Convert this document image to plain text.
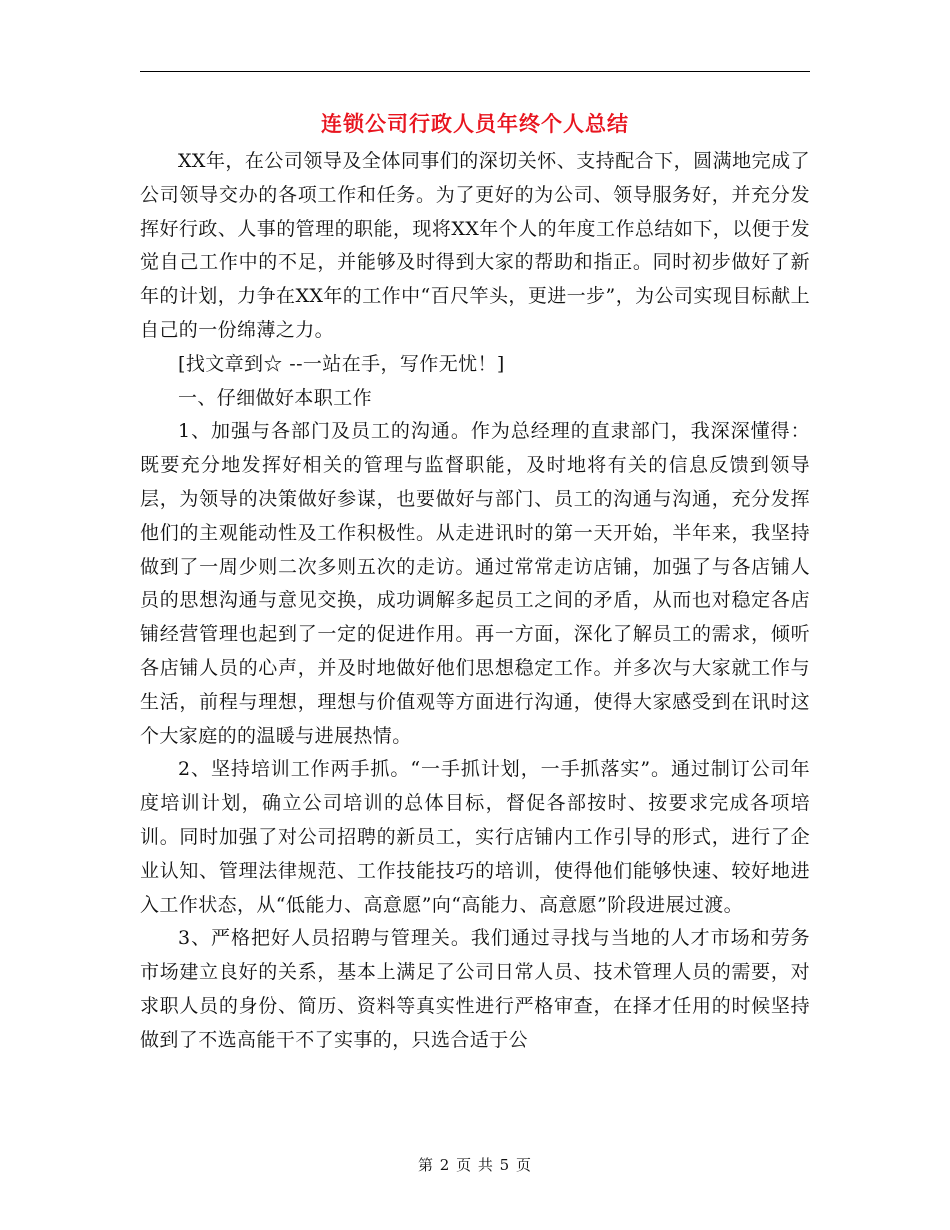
连锁公司行政人员年终个人总结

XX年，在公司领导及全体同事们的深切关怀、支持配合下，圆满地完成了公司领导交办的各项工作和任务。为了更好的为公司、领导服务好，并充分发挥好行政、人事的管理的职能，现将XX年个人的年度工作总结如下，以便于发觉自己工作中的不足，并能够及时得到大家的帮助和指正。同时初步做好了新年的计划，力争在XX年的工作中“百尺竿头，更进一步”，为公司实现目标献上自己的一份绵薄之力。

[找文章到☆ --一站在手，写作无忧！]

一、仔细做好本职工作

1、加强与各部门及员工的沟通。作为总经理的直隶部门，我深深懂得：既要充分地发挥好相关的管理与监督职能，及时地将有关的信息反馈到领导层，为领导的决策做好参谋，也要做好与部门、员工的沟通与沟通，充分发挥他们的主观能动性及工作积极性。从走进讯时的第一天开始，半年来，我坚持做到了一周少则二次多则五次的走访。通过常常走访店铺，加强了与各店铺人员的思想沟通与意见交换，成功调解多起员工之间的矛盾，从而也对稳定各店铺经营管理也起到了一定的促进作用。再一方面，深化了解员工的需求，倾听各店铺人员的心声，并及时地做好他们思想稳定工作。并多次与大家就工作与生活，前程与理想，理想与价值观等方面进行沟通，使得大家感受到在讯时这个大家庭的的温暖与进展热情。

2、坚持培训工作两手抓。“一手抓计划，一手抓落实”。通过制订公司年度培训计划，确立公司培训的总体目标，督促各部按时、按要求完成各项培训。同时加强了对公司招聘的新员工，实行店铺内工作引导的形式，进行了企业认知、管理法律规范、工作技能技巧的培训，使得他们能够快速、较好地进入工作状态，从“低能力、高意愿”向“高能力、高意愿”阶段进展过渡。

3、严格把好人员招聘与管理关。我们通过寻找与当地的人才市场和劳务市场建立良好的关系，基本上满足了公司日常人员、技术管理人员的需要，对求职人员的身份、简历、资料等真实性进行严格审查，在择才任用的时候坚持做到了不选高能干不了实事的，只选合适于公

第 2 页 共 5 页
